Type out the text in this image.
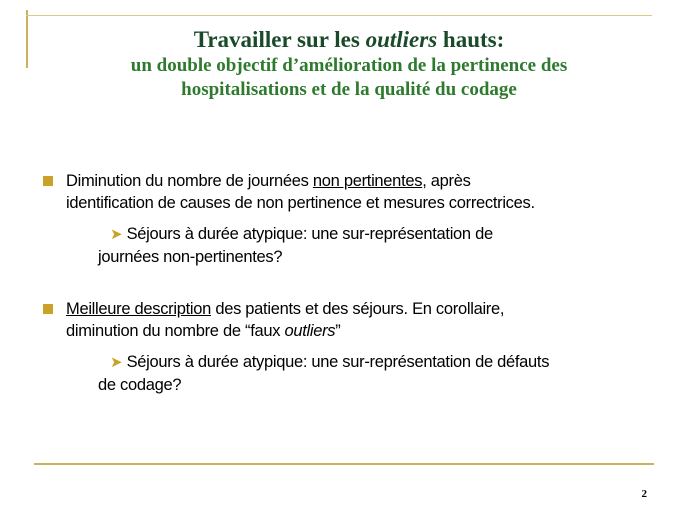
Travailler sur les outliers hauts:
un double objectif d’amélioration de la pertinence des
hospitalisations et de la qualité du codage
Diminution du nombre de journées non pertinentes, après
identification de causes de non pertinence et mesures correctrices.
➤ Séjours à durée atypique: une sur-représentation de
journées non-pertinentes?
Meilleure description des patients et des séjours. En corollaire,
diminution du nombre de “faux outliers”
➤ Séjours à durée atypique: une sur-représentation de défauts
de codage?
2
